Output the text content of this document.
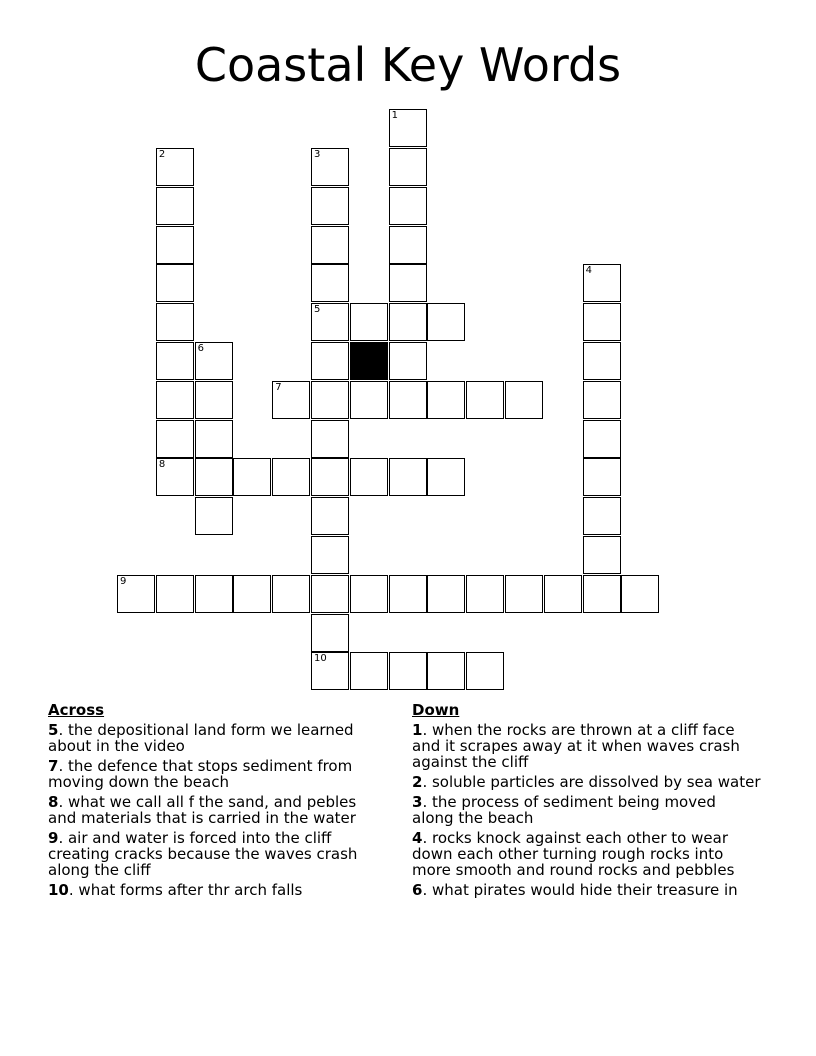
Coastal Key Words
1
2	3
5
4
6
7
8
9
10
Across
5. the depositional land form we learned about in the video
7. the defence that stops sediment from moving down the beach
8. what we call all f the sand, and pebles and materials that is carried in the water
9. air and water is forced into the cliff creating cracks because the waves crash along the cliff
10. what forms after thr arch falls
Down
1. when the rocks are thrown at a cliff face and it scrapes away at it when waves crash against the cliff
2. soluble particles are dissolved by sea water
3. the process of sediment being moved along the beach
4. rocks knock against each other to wear down each other turning rough rocks into more smooth and round rocks and pebbles
6. what pirates would hide their treasure in
